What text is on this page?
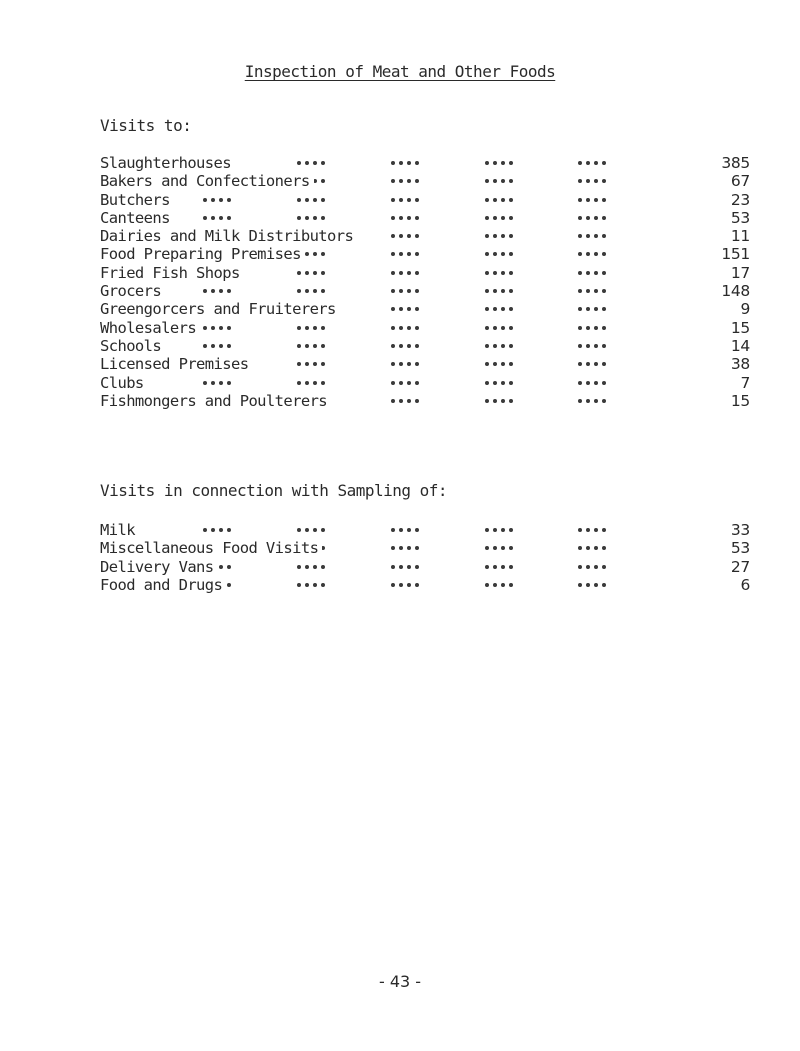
Inspection of Meat and Other Foods
Visits to:
Slaughterhouses	385
Bakers and Confectioners	67
Butchers	23
Canteens	53
Dairies and Milk Distributors	11
Food Preparing Premises	151
Fried Fish Shops	17
Grocers	148
Greengorcers and Fruiterers	9
Wholesalers	15
Schools	14
Licensed Premises	38
Clubs	7
Fishmongers and Poulterers	15
Visits in connection with Sampling of:
Milk	33
Miscellaneous Food Visits	53
Delivery Vans	27
Food and Drugs	6
- 43 -
